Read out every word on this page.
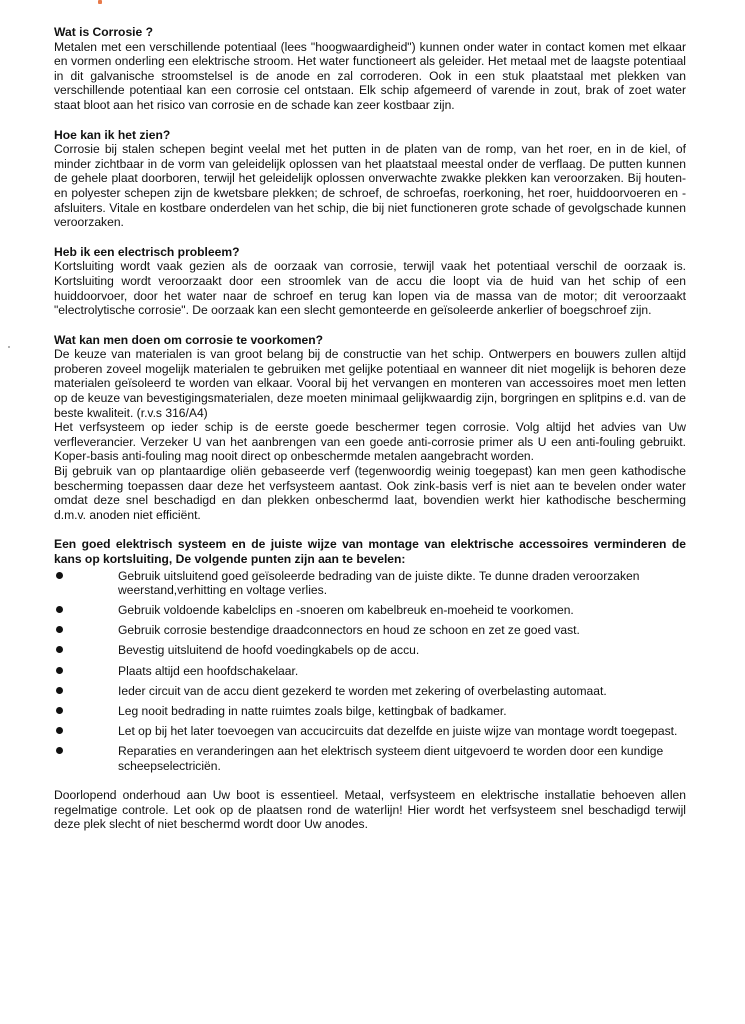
Wat is Corrosie ?

Metalen met een verschillende potentiaal (lees "hoogwaardigheid") kunnen onder water in contact komen met elkaar en vormen onderling een elektrische stroom. Het water functioneert als geleider. Het metaal met de laagste potentiaal in dit galvanische stroomstelsel is de anode en zal corroderen. Ook in een stuk plaatstaal met plekken van verschillende potentiaal kan een corrosie cel ontstaan. Elk schip afgemeerd of varende in zout, brak of zoet water staat bloot aan het risico van corrosie en de schade kan zeer kostbaar zijn.

Hoe kan ik het zien?

Corrosie bij stalen schepen begint veelal met het putten in de platen van de romp, van het roer, en in de kiel, of minder zichtbaar in de vorm van geleidelijk oplossen van het plaatstaal meestal onder de verflaag. De putten kunnen de gehele plaat doorboren, terwijl het geleidelijk oplossen onverwachte zwakke plekken kan veroorzaken. Bij houten- en polyester schepen zijn de kwetsbare plekken; de schroef, de schroefas, roerkoning, het roer, huiddoorvoeren en -afsluiters. Vitale en kostbare onderdelen van het schip, die bij niet functioneren grote schade of gevolgschade kunnen veroorzaken.

Heb ik een electrisch probleem?

Kortsluiting wordt vaak gezien als de oorzaak van corrosie, terwijl vaak het potentiaal verschil de oorzaak is. Kortsluiting wordt veroorzaakt door een stroomlek van de accu die loopt via de huid van het schip of een huiddoorvoer, door het water naar de schroef en terug kan lopen via de massa van de motor; dit veroorzaakt "electrolytische corrosie". De oorzaak kan een slecht gemonteerde en geïsoleerde ankerlier of boegschroef zijn.

Wat kan men doen om corrosie te voorkomen?

De keuze van materialen is van groot belang bij de constructie van het schip. Ontwerpers en bouwers zullen altijd proberen zoveel mogelijk materialen te gebruiken met gelijke potentiaal en wanneer dit niet mogelijk is behoren deze materialen geïsoleerd te worden van elkaar. Vooral bij het vervangen en monteren van accessoires moet men letten op de keuze van bevestigingsmaterialen, deze moeten minimaal gelijkwaardig zijn, borgringen en splitpins e.d. van de beste kwaliteit. (r.v.s 316/A4)

Het verfsysteem op ieder schip is de eerste goede beschermer tegen corrosie. Volg altijd het advies van Uw verfleverancier. Verzeker U van het aanbrengen van een goede anti-corrosie primer als U een anti-fouling gebruikt. Koper-basis anti-fouling mag nooit direct op onbeschermde metalen aangebracht worden.

Bij gebruik van op plantaardige oliën gebaseerde verf (tegenwoordig weinig toegepast) kan men geen kathodische bescherming toepassen daar deze het verfsysteem aantast. Ook zink-basis verf is niet aan te bevelen onder water omdat deze snel beschadigd en dan plekken onbeschermd laat, bovendien werkt hier kathodische bescherming d.m.v. anoden niet efficiënt.

Een goed elektrisch systeem en de juiste wijze van montage van elektrische accessoires verminderen de kans op kortsluiting, De volgende punten zijn aan te bevelen:

Gebruik uitsluitend goed geïsoleerde bedrading van de juiste dikte. Te dunne draden veroorzaken weerstand,verhitting en voltage verlies.
Gebruik voldoende kabelclips en -snoeren om kabelbreuk en-moeheid te voorkomen.
Gebruik corrosie bestendige draadconnectors en houd ze schoon en zet ze goed vast.
Bevestig uitsluitend de hoofd voedingkabels op de accu.
Plaats altijd een hoofdschakelaar.
Ieder circuit van de accu dient gezekerd te worden met zekering of overbelasting automaat.
Leg nooit bedrading in natte ruimtes zoals bilge, kettingbak of badkamer.
Let op bij het later toevoegen van accucircuits dat dezelfde en juiste wijze van montage wordt toegepast.
Reparaties en veranderingen aan het elektrisch systeem dient uitgevoerd te worden door een kundige scheepselectriciën.

Doorlopend onderhoud aan Uw boot is essentieel. Metaal, verfsysteem en elektrische installatie behoeven allen regelmatige controle. Let ook op de plaatsen rond de waterlijn! Hier wordt het verfsysteem snel beschadigd terwijl deze plek slecht of niet beschermd wordt door Uw anodes.
